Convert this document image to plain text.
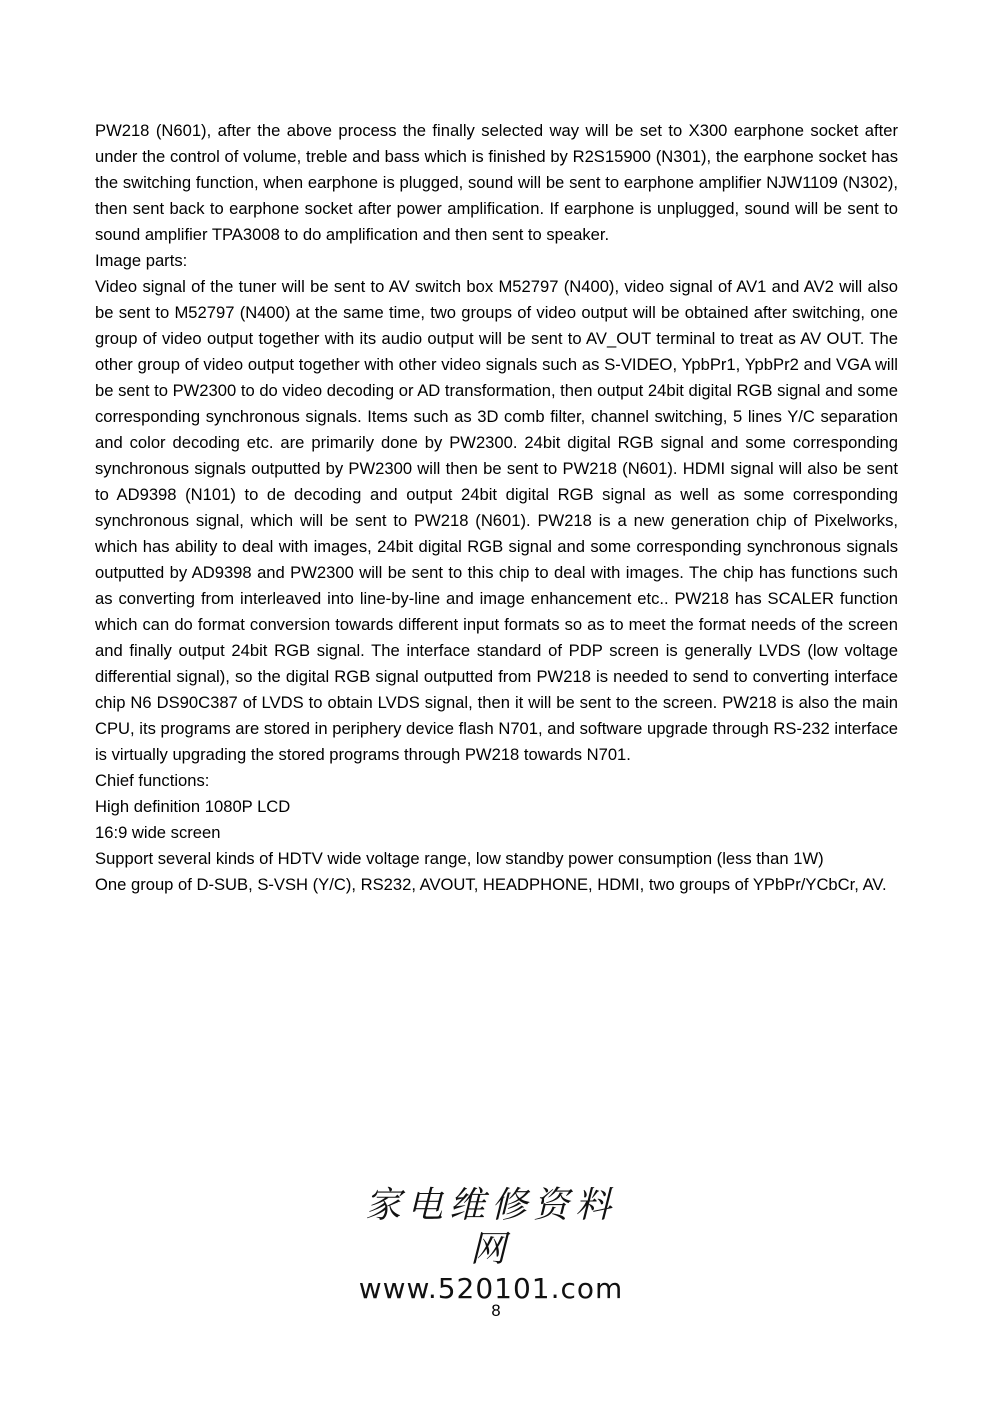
PW218 (N601), after the above process the finally selected way will be set to X300 earphone socket after under the control of volume, treble and bass which is finished by R2S15900 (N301), the earphone socket has the switching function, when earphone is plugged, sound will be sent to earphone amplifier NJW1109 (N302), then sent back to earphone socket after power amplification. If earphone is unplugged, sound will be sent to sound amplifier TPA3008 to do amplification and then sent to speaker.

Image parts:

Video signal of the tuner will be sent to AV switch box M52797 (N400), video signal of AV1 and AV2 will also be sent to M52797 (N400) at the same time, two groups of video output will be obtained after switching, one group of video output together with its audio output will be sent to AV_OUT terminal to treat as AV OUT. The other group of video output together with other video signals such as S-VIDEO, YpbPr1, YpbPr2 and VGA will be sent to PW2300 to do video decoding or AD transformation, then output 24bit digital RGB signal and some corresponding synchronous signals. Items such as 3D comb filter, channel switching, 5 lines Y/C separation and color decoding etc. are primarily done by PW2300. 24bit digital RGB signal and some corresponding synchronous signals outputted by PW2300 will then be sent to PW218 (N601). HDMI signal will also be sent to AD9398 (N101) to de decoding and output 24bit digital RGB signal as well as some corresponding synchronous signal, which will be sent to PW218 (N601). PW218 is a new generation chip of Pixelworks, which has ability to deal with images, 24bit digital RGB signal and some corresponding synchronous signals outputted by AD9398 and PW2300 will be sent to this chip to deal with images. The chip has functions such as converting from interleaved into line-by-line and image enhancement etc.. PW218 has SCALER function which can do format conversion towards different input formats so as to meet the format needs of the screen and finally output 24bit RGB signal. The interface standard of PDP screen is generally LVDS (low voltage differential signal), so the digital RGB signal outputted from PW218 is needed to send to converting interface chip N6 DS90C387 of LVDS to obtain LVDS signal, then it will be sent to the screen. PW218 is also the main CPU, its programs are stored in periphery device flash N701, and software upgrade through RS-232 interface is virtually upgrading the stored programs through PW218 towards N701.

Chief functions:

High definition 1080P LCD

16:9 wide screen

Support several kinds of HDTV wide voltage range, low standby power consumption (less than 1W)

One group of D-SUB, S-VSH (Y/C), RS232, AVOUT, HEADPHONE, HDMI, two groups of YPbPr/YCbCr, AV.

家电维修资料网
www.520101.com
8
